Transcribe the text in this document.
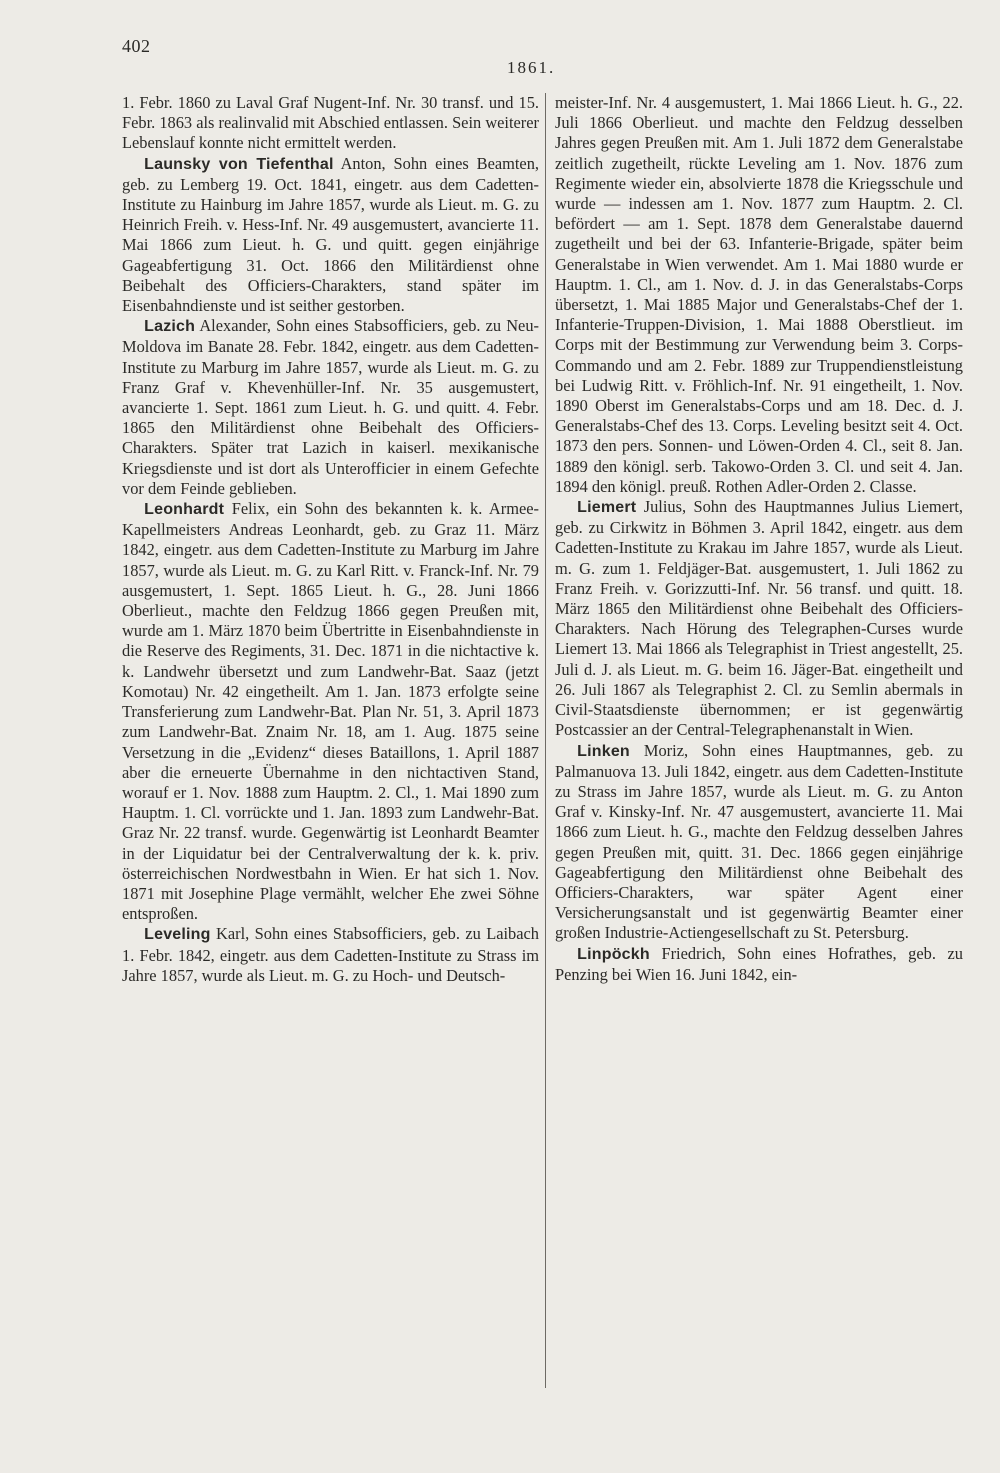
402
1861.

1. Febr. 1860 zu Laval Graf Nugent-Inf. Nr. 30 transf. und 15. Febr. 1863 als realinvalid mit Abschied entlassen. Sein weiterer Lebenslauf konnte nicht ermittelt werden.

Launsky von Tiefenthal Anton, Sohn eines Beamten, geb. zu Lemberg 19. Oct. 1841, eingetr. aus dem Cadetten-Institute zu Hainburg im Jahre 1857, wurde als Lieut. m. G. zu Heinrich Freih. v. Hess-Inf. Nr. 49 ausgemustert, avancierte 11. Mai 1866 zum Lieut. h. G. und quitt. gegen einjährige Gageabfertigung 31. Oct. 1866 den Militärdienst ohne Beibehalt des Officiers-Charakters, stand später im Eisenbahndienste und ist seither gestorben.

Lazich Alexander, Sohn eines Stabsofficiers, geb. zu Neu-Moldova im Banate 28. Febr. 1842, eingetr. aus dem Cadetten-Institute zu Marburg im Jahre 1857, wurde als Lieut. m. G. zu Franz Graf v. Khevenhüller-Inf. Nr. 35 ausgemustert, avancierte 1. Sept. 1861 zum Lieut. h. G. und quitt. 4. Febr. 1865 den Militärdienst ohne Beibehalt des Officiers-Charakters. Später trat Lazich in kaiserl. mexikanische Kriegsdienste und ist dort als Unterofficier in einem Gefechte vor dem Feinde geblieben.

Leonhardt Felix, ein Sohn des bekannten k. k. Armee-Kapellmeisters Andreas Leonhardt, geb. zu Graz 11. März 1842, eingetr. aus dem Cadetten-Institute zu Marburg im Jahre 1857, wurde als Lieut. m. G. zu Karl Ritt. v. Franck-Inf. Nr. 79 ausgemustert, 1. Sept. 1865 Lieut. h. G., 28. Juni 1866 Oberlieut., machte den Feldzug 1866 gegen Preußen mit, wurde am 1. März 1870 beim Übertritte in Eisenbahndienste in die Reserve des Regiments, 31. Dec. 1871 in die nichtactive k. k. Landwehr übersetzt und zum Landwehr-Bat. Saaz (jetzt Komotau) Nr. 42 eingetheilt. Am 1. Jan. 1873 erfolgte seine Transferierung zum Landwehr-Bat. Plan Nr. 51, 3. April 1873 zum Landwehr-Bat. Znaim Nr. 18, am 1. Aug. 1875 seine Versetzung in die „Evidenz“ dieses Bataillons, 1. April 1887 aber die erneuerte Übernahme in den nichtactiven Stand, worauf er 1. Nov. 1888 zum Hauptm. 2. Cl., 1. Mai 1890 zum Hauptm. 1. Cl. vorrückte und 1. Jan. 1893 zum Landwehr-Bat. Graz Nr. 22 transf. wurde. Gegenwärtig ist Leonhardt Beamter in der Liquidatur bei der Centralverwaltung der k. k. priv. österreichischen Nordwestbahn in Wien. Er hat sich 1. Nov. 1871 mit Josephine Plage vermählt, welcher Ehe zwei Söhne entsproßen.

Leveling Karl, Sohn eines Stabsofficiers, geb. zu Laibach 1. Febr. 1842, eingetr. aus dem Cadetten-Institute zu Strass im Jahre 1857, wurde als Lieut. m. G. zu Hoch- und Deutsch-

meister-Inf. Nr. 4 ausgemustert, 1. Mai 1866 Lieut. h. G., 22. Juli 1866 Oberlieut. und machte den Feldzug desselben Jahres gegen Preußen mit. Am 1. Juli 1872 dem Generalstabe zeitlich zugetheilt, rückte Leveling am 1. Nov. 1876 zum Regimente wieder ein, absolvierte 1878 die Kriegsschule und wurde — indessen am 1. Nov. 1877 zum Hauptm. 2. Cl. befördert — am 1. Sept. 1878 dem Generalstabe dauernd zugetheilt und bei der 63. Infanterie-Brigade, später beim Generalstabe in Wien verwendet. Am 1. Mai 1880 wurde er Hauptm. 1. Cl., am 1. Nov. d. J. in das Generalstabs-Corps übersetzt, 1. Mai 1885 Major und Generalstabs-Chef der 1. Infanterie-Truppen-Division, 1. Mai 1888 Oberstlieut. im Corps mit der Bestimmung zur Verwendung beim 3. Corps-Commando und am 2. Febr. 1889 zur Truppendienstleistung bei Ludwig Ritt. v. Fröhlich-Inf. Nr. 91 eingetheilt, 1. Nov. 1890 Oberst im Generalstabs-Corps und am 18. Dec. d. J. Generalstabs-Chef des 13. Corps. Leveling besitzt seit 4. Oct. 1873 den pers. Sonnen- und Löwen-Orden 4. Cl., seit 8. Jan. 1889 den königl. serb. Takowo-Orden 3. Cl. und seit 4. Jan. 1894 den königl. preuß. Rothen Adler-Orden 2. Classe.

Liemert Julius, Sohn des Hauptmannes Julius Liemert, geb. zu Cirkwitz in Böhmen 3. April 1842, eingetr. aus dem Cadetten-Institute zu Krakau im Jahre 1857, wurde als Lieut. m. G. zum 1. Feldjäger-Bat. ausgemustert, 1. Juli 1862 zu Franz Freih. v. Gorizzutti-Inf. Nr. 56 transf. und quitt. 18. März 1865 den Militärdienst ohne Beibehalt des Officiers-Charakters. Nach Hörung des Telegraphen-Curses wurde Liemert 13. Mai 1866 als Telegraphist in Triest angestellt, 25. Juli d. J. als Lieut. m. G. beim 16. Jäger-Bat. eingetheilt und 26. Juli 1867 als Telegraphist 2. Cl. zu Semlin abermals in Civil-Staatsdienste übernommen; er ist gegenwärtig Postcassier an der Central-Telegraphenanstalt in Wien.

Linken Moriz, Sohn eines Hauptmannes, geb. zu Palmanuova 13. Juli 1842, eingetr. aus dem Cadetten-Institute zu Strass im Jahre 1857, wurde als Lieut. m. G. zu Anton Graf v. Kinsky-Inf. Nr. 47 ausgemustert, avancierte 11. Mai 1866 zum Lieut. h. G., machte den Feldzug desselben Jahres gegen Preußen mit, quitt. 31. Dec. 1866 gegen einjährige Gageabfertigung den Militärdienst ohne Beibehalt des Officiers-Charakters, war später Agent einer Versicherungsanstalt und ist gegenwärtig Beamter einer großen Industrie-Actiengesellschaft zu St. Petersburg.

Linpöckh Friedrich, Sohn eines Hofrathes, geb. zu Penzing bei Wien 16. Juni 1842, ein-
